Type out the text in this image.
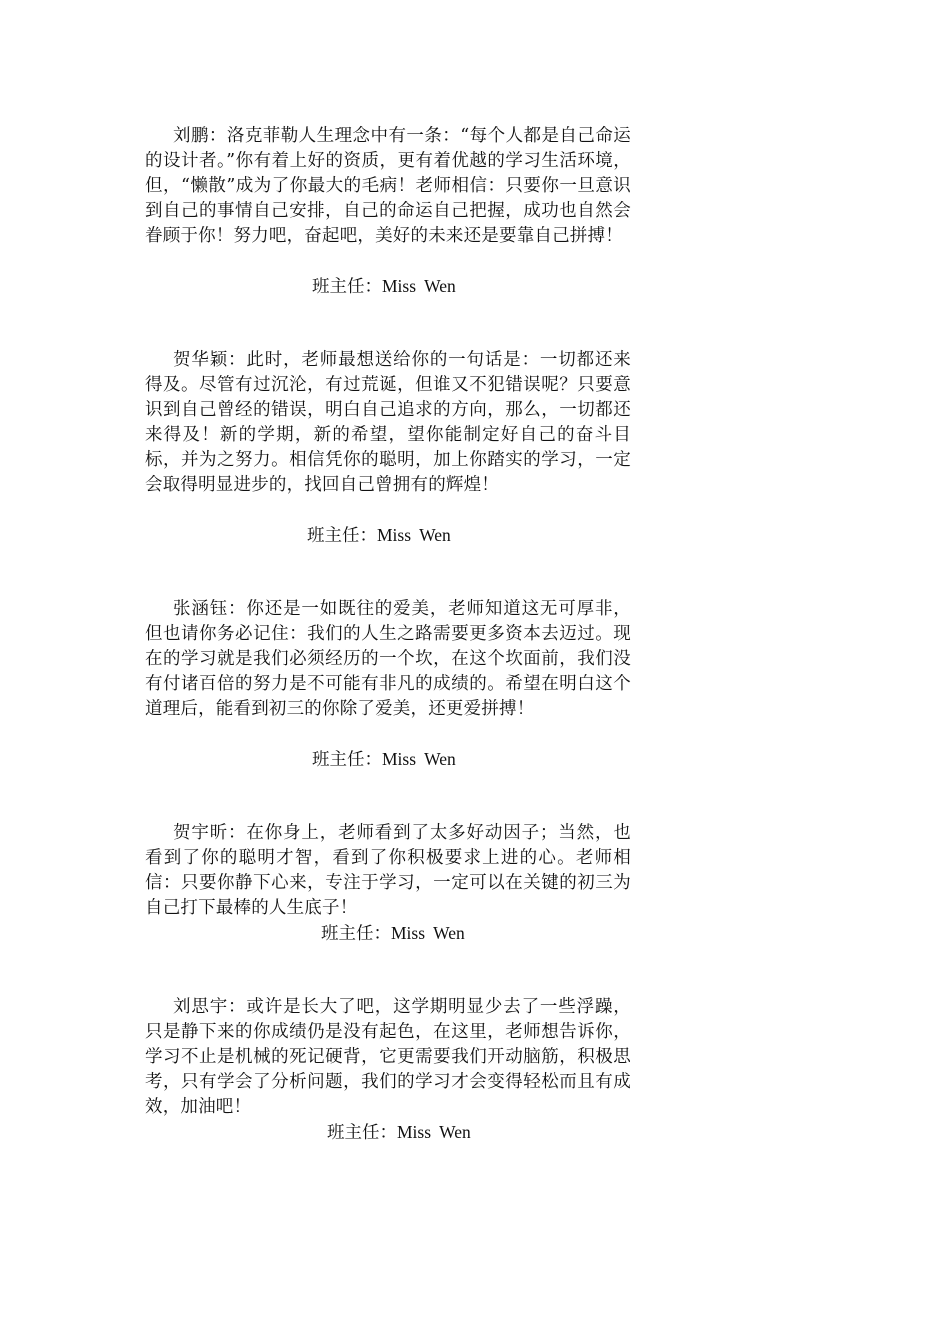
刘鹏：洛克菲勒人生理念中有一条：“每个人都是自己命运的设计者。”你有着上好的资质，更有着优越的学习生活环境，但，“懒散”成为了你最大的毛病！老师相信：只要你一旦意识到自己的事情自己安排，自己的命运自己把握，成功也自然会眷顾于你！努力吧，奋起吧，美好的未来还是要靠自己拼搏！

班主任：Miss Wen

贺华颖：此时，老师最想送给你的一句话是：一切都还来得及。尽管有过沉沦，有过荒诞，但谁又不犯错误呢？只要意识到自己曾经的错误，明白自己追求的方向，那么，一切都还来得及！新的学期，新的希望，望你能制定好自己的奋斗目标，并为之努力。相信凭你的聪明，加上你踏实的学习，一定会取得明显进步的，找回自己曾拥有的辉煌！

班主任：Miss Wen

张涵钰：你还是一如既往的爱美，老师知道这无可厚非，但也请你务必记住：我们的人生之路需要更多资本去迈过。现在的学习就是我们必须经历的一个坎，在这个坎面前，我们没有付诸百倍的努力是不可能有非凡的成绩的。希望在明白这个道理后，能看到初三的你除了爱美，还更爱拼搏！

班主任：Miss Wen

贺宇昕：在你身上，老师看到了太多好动因子；当然，也看到了你的聪明才智，看到了你积极要求上进的心。老师相信：只要你静下心来，专注于学习，一定可以在关键的初三为自己打下最棒的人生底子！

班主任：Miss Wen

刘思宇：或许是长大了吧，这学期明显少去了一些浮躁，只是静下来的你成绩仍是没有起色，在这里，老师想告诉你，学习不止是机械的死记硬背，它更需要我们开动脑筋，积极思考，只有学会了分析问题，我们的学习才会变得轻松而且有成效，加油吧！

班主任：Miss Wen
